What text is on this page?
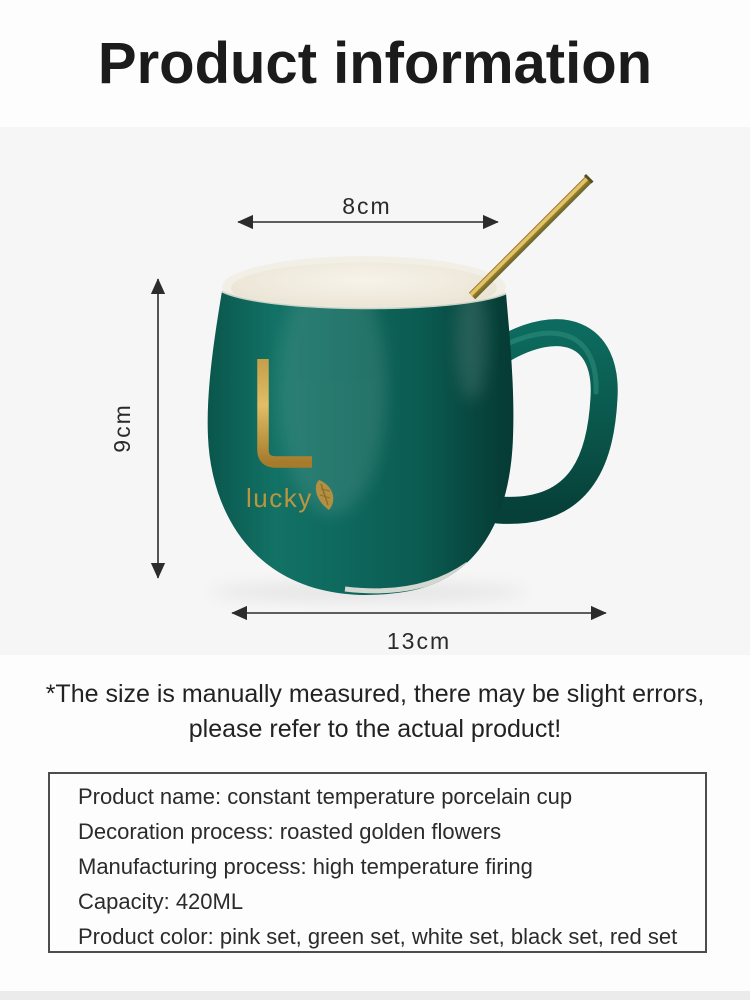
Product information
lucky
8cm
9cm
13cm
*The size is manually measured, there may be slight errors,
please refer to the actual product!
Product name: constant temperature porcelain cup
Decoration process: roasted golden flowers
Manufacturing process: high temperature firing
Capacity: 420ML
Product color: pink set, green set, white set, black set, red set
